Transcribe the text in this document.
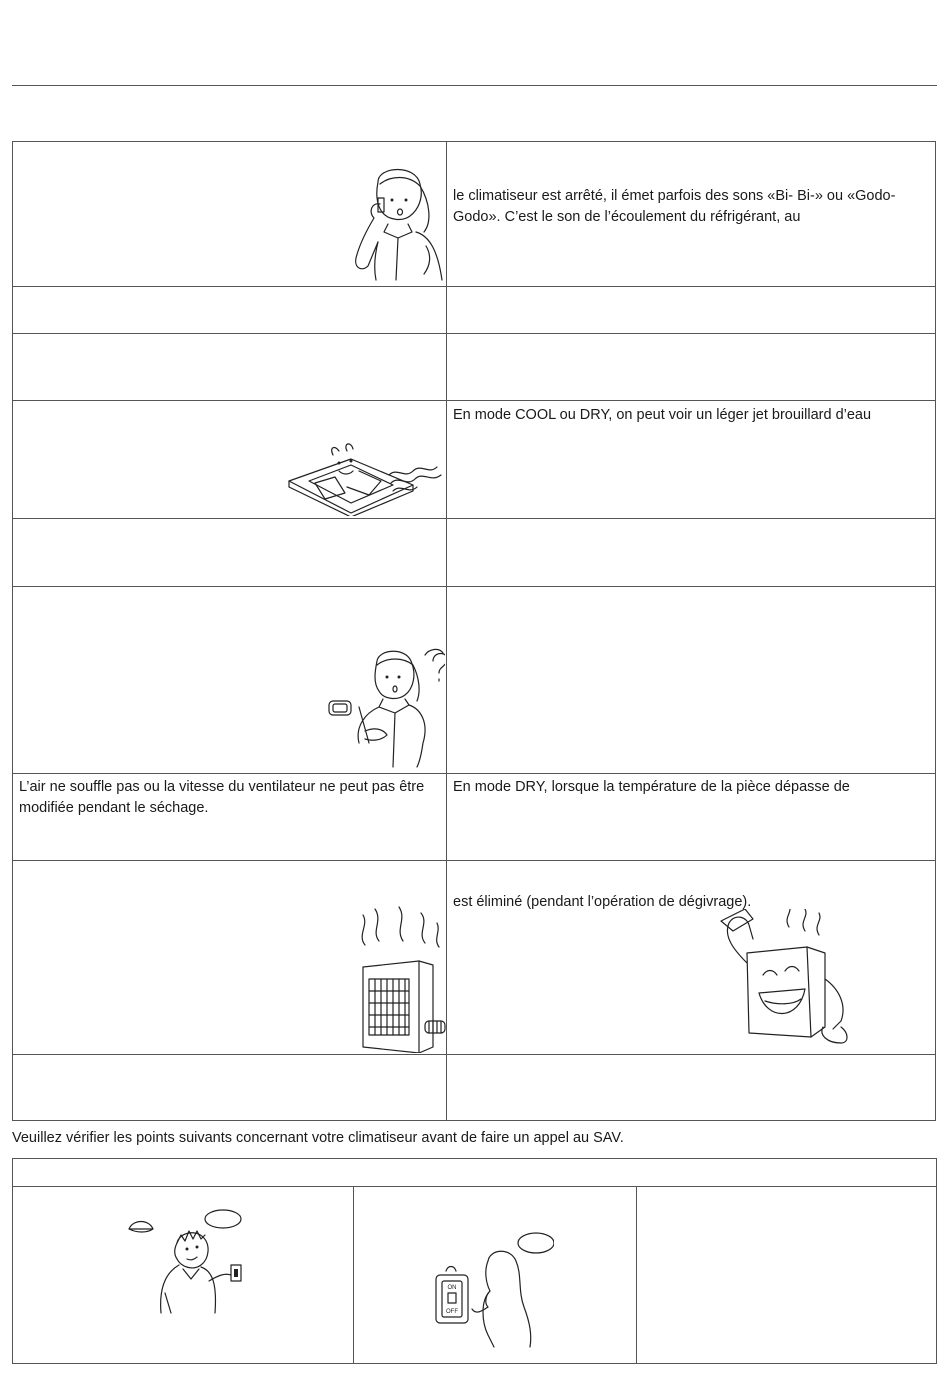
le climatiseur est arrêté, il émet parfois des sons «Bi- Bi-» ou «Godo-Godo». C’est le son de l’écoulement du réfrigérant, au
En mode COOL ou DRY, on peut voir un léger jet brouillard d’eau
L’air ne souffle pas ou la vitesse du ventilateur ne peut pas être modifiée pendant le séchage.
En mode DRY, lorsque la température de la pièce dépasse de
est éliminé (pendant l’opération de dégivrage).
Veuillez vérifier les points suivants concernant votre climatiseur avant de faire un appel au SAV.
ON
OFF
